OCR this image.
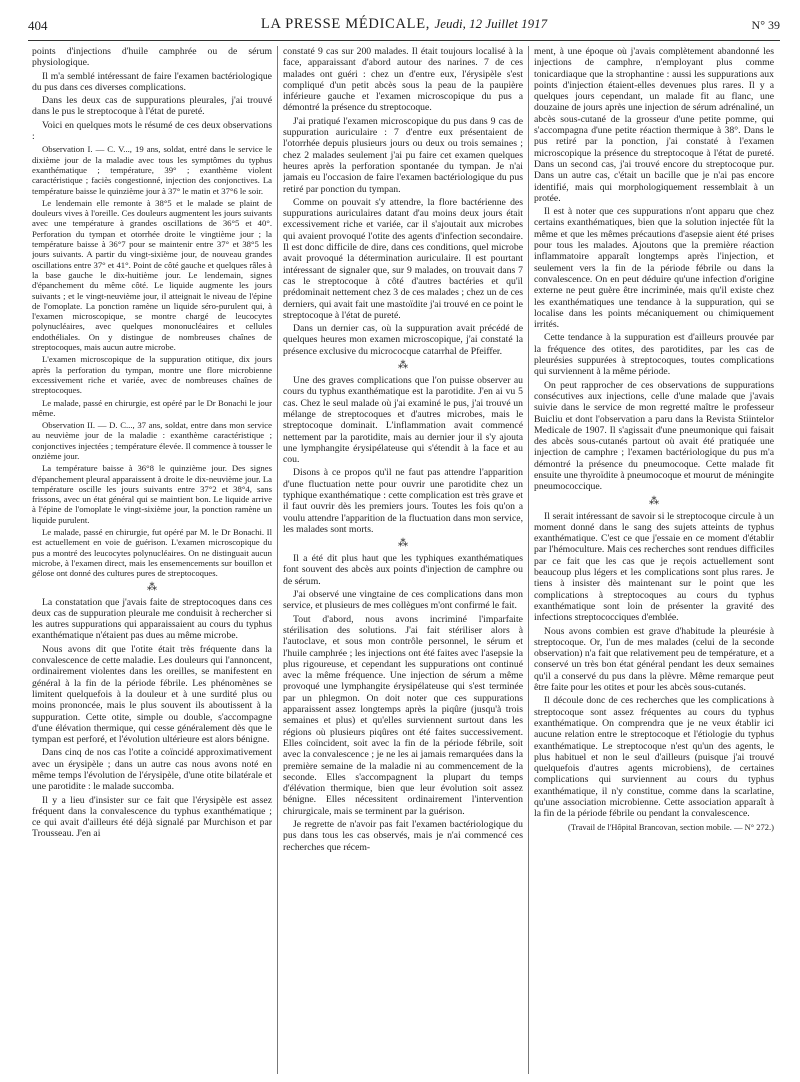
404	LA PRESSE MÉDICALE, Jeudi, 12 Juillet 1917	N° 39

points d'injections d'huile camphrée ou de sérum physiologique.

Il m'a semblé intéressant de faire l'examen bactériologique du pus dans ces diverses complications.

Dans les deux cas de suppurations pleurales, j'ai trouvé dans le pus le streptocoque à l'état de pureté.

Voici en quelques mots le résumé de ces deux observations :

Observation I. — C. V..., 19 ans, soldat, entré dans le service le dixième jour de la maladie avec tous les symptômes du typhus exanthématique ; température, 39° ; exanthème violent caractéristique ; faciès congestionné, injection des conjonctives. La température baisse le quinzième jour à 37° le matin et 37°6 le soir.

Le lendemain elle remonte à 38°5 et le malade se plaint de douleurs vives à l'oreille. Ces douleurs augmentent les jours suivants avec une température à grandes oscillations de 36°5 et 40°. Perforation du tympan et otorrhée droite le vingtième jour ; la température baisse à 36°7 pour se maintenir entre 37° et 38°5 les jours suivants. A partir du vingt-sixième jour, de nouveau grandes oscillations entre 37° et 41°. Point de côté gauche et quelques râles à la base gauche le dix-huitième jour. Le lendemain, signes d'épanchement du même côté. Le liquide augmente les jours suivants ; et le vingt-neuvième jour, il atteignait le niveau de l'épine de l'omoplate. La ponction ramène un liquide séro-purulent qui, à l'examen microscopique, se montre chargé de leucocytes polynucléaires, avec quelques mononucléaires et cellules endothéliales. On y distingue de nombreuses chaînes de streptocoques, mais aucun autre microbe.

L'examen microscopique de la suppuration otitique, dix jours après la perforation du tympan, montre une flore microbienne excessivement riche et variée, avec de nombreuses chaînes de streptocoques.

Le malade, passé en chirurgie, est opéré par le Dr Bonachi le jour même.

Observation II. — D. C..., 37 ans, soldat, entre dans mon service au neuvième jour de la maladie : exanthème caractéristique ; conjonctives injectées ; température élevée. Il commence à tousser le onzième jour.

La température baisse à 36°8 le quinzième jour. Des signes d'épanchement pleural apparaissent à droite le dix-neuvième jour. La température oscille les jours suivants entre 37°2 et 38°4, sans frissons, avec un état général qui se maintient bon. Le liquide arrive à l'épine de l'omoplate le vingt-sixième jour, la ponction ramène un liquide purulent.

Le malade, passé en chirurgie, fut opéré par M. le Dr Bonachi. Il est actuellement en voie de guérison. L'examen microscopique du pus a montré des leucocytes polynucléaires. On ne distinguait aucun microbe, à l'examen direct, mais les ensemencements sur bouillon et gélose ont donné des cultures pures de streptocoques.

⁂

La constatation que j'avais faite de streptocoques dans ces deux cas de suppuration pleurale me conduisit à rechercher si les autres suppurations qui apparaissaient au cours du typhus exanthématique n'étaient pas dues au même microbe.

Nous avons dit que l'otite était très fréquente dans la convalescence de cette maladie. Les douleurs qui l'annoncent, ordinairement violentes dans les oreilles, se manifestent en général à la fin de la période fébrile. Les phénomènes se limitent quelquefois à la douleur et à une surdité plus ou moins prononcée, mais le plus souvent ils aboutissent à la suppuration. Cette otite, simple ou double, s'accompagne d'une élévation thermique, qui cesse généralement dès que le tympan est perforé, et l'évolution ultérieure est alors bénigne.

Dans cinq de nos cas l'otite a coïncidé approximativement avec un érysipèle ; dans un autre cas nous avons noté en même temps l'évolution de l'érysipèle, d'une otite bilatérale et une parotidite : le malade succomba.

Il y a lieu d'insister sur ce fait que l'érysipèle est assez fréquent dans la convalescence du typhus exanthématique ; ce qui avait d'ailleurs été déjà signalé par Murchison et par Trousseau. J'en ai

constaté 9 cas sur 200 malades. Il était toujours localisé à la face, apparaissant d'abord autour des narines. 7 de ces malades ont guéri : chez un d'entre eux, l'érysipèle s'est compliqué d'un petit abcès sous la peau de la paupière inférieure gauche et l'examen microscopique du pus a démontré la présence du streptocoque.

J'ai pratiqué l'examen microscopique du pus dans 9 cas de suppuration auriculaire : 7 d'entre eux présentaient de l'otorrhée depuis plusieurs jours ou deux ou trois semaines ; chez 2 malades seulement j'ai pu faire cet examen quelques heures après la perforation spontanée du tympan. Je n'ai jamais eu l'occasion de faire l'examen bactériologique du pus retiré par ponction du tympan.

Comme on pouvait s'y attendre, la flore bactérienne des suppurations auriculaires datant d'au moins deux jours était excessivement riche et variée, car il s'ajoutait aux microbes qui avaient provoqué l'otite des agents d'infection secondaire. Il est donc difficile de dire, dans ces conditions, quel microbe avait provoqué la détermination auriculaire. Il est pourtant intéressant de signaler que, sur 9 malades, on trouvait dans 7 cas le streptocoque à côté d'autres bactéries et qu'il prédominait nettement chez 3 de ces malades ; chez un de ces derniers, qui avait fait une mastoïdite j'ai trouvé en ce point le streptocoque à l'état de pureté.

Dans un dernier cas, où la suppuration avait précédé de quelques heures mon examen microscopique, j'ai constaté la présence exclusive du micrococque catarrhal de Pfeiffer.

⁂

Une des graves complications que l'on puisse observer au cours du typhus exanthématique est la parotidite. J'en ai vu 5 cas. Chez le seul malade où j'ai examiné le pus, j'ai trouvé un mélange de streptocoques et d'autres microbes, mais le streptocoque dominait. L'inflammation avait commencé nettement par la parotidite, mais au dernier jour il s'y ajouta une lymphangite érysipélateuse qui s'étendit à la face et au cou.

Disons à ce propos qu'il ne faut pas attendre l'apparition d'une fluctuation nette pour ouvrir une parotidite chez un typhique exanthématique : cette complication est très grave et il faut ouvrir dès les premiers jours. Toutes les fois qu'on a voulu attendre l'apparition de la fluctuation dans mon service, les malades sont morts.

⁂

Il a été dit plus haut que les typhiques exanthématiques font souvent des abcès aux points d'injection de camphre ou de sérum.

J'ai observé une vingtaine de ces complications dans mon service, et plusieurs de mes collègues m'ont confirmé le fait.

Tout d'abord, nous avons incriminé l'imparfaite stérilisation des solutions. J'ai fait stériliser alors à l'autoclave, et sous mon contrôle personnel, le sérum et l'huile camphrée ; les injections ont été faites avec l'asepsie la plus rigoureuse, et cependant les suppurations ont continué avec la même fréquence. Une injection de sérum a même provoqué une lymphangite érysipélateuse qui s'est terminée par un phlegmon. On doit noter que ces suppurations apparaissent assez longtemps après la piqûre (jusqu'à trois semaines et plus) et qu'elles surviennent surtout dans les régions où plusieurs piqûres ont été faites successivement. Elles coïncident, soit avec la fin de la période fébrile, soit avec la convalescence ; je ne les ai jamais remarquées dans la première semaine de la maladie ni au commencement de la seconde. Elles s'accompagnent la plupart du temps d'élévation thermique, bien que leur évolution soit assez bénigne. Elles nécessitent ordinairement l'intervention chirurgicale, mais se terminent par la guérison.

Je regrette de n'avoir pas fait l'examen bactériologique du pus dans tous les cas observés, mais je n'ai commencé ces recherches que récem-

ment, à une époque où j'avais complètement abandonné les injections de camphre, n'employant plus comme tonicardiaque que la strophantine : aussi les suppurations aux points d'injection étaient-elles devenues plus rares. Il y a quelques jours cependant, un malade fit au flanc, une douzaine de jours après une injection de sérum adrénaliné, un abcès sous-cutané de la grosseur d'une petite pomme, qui s'accompagna d'une petite réaction thermique à 38°. Dans le pus retiré par la ponction, j'ai constaté à l'examen microscopique la présence du streptocoque à l'état de pureté. Dans un second cas, j'ai trouvé encore du streptocoque pur. Dans un autre cas, c'était un bacille que je n'ai pas encore identifié, mais qui morphologiquement ressemblait à un protée.

Il est à noter que ces suppurations n'ont apparu que chez certains exanthématiques, bien que la solution injectée fût la même et que les mêmes précautions d'asepsie aient été prises pour tous les malades. Ajoutons que la première réaction inflammatoire apparaît longtemps après l'injection, et seulement vers la fin de la période fébrile ou dans la convalescence. On en peut déduire qu'une infection d'origine externe ne peut guère être incriminée, mais qu'il existe chez les exanthématiques une tendance à la suppuration, qui se localise dans les points mécaniquement ou chimiquement irrités.

Cette tendance à la suppuration est d'ailleurs prouvée par la fréquence des otites, des parotidites, par les cas de pleurésies suppurées à streptocoques, toutes complications qui surviennent à la même période.

On peut rapprocher de ces observations de suppurations consécutives aux injections, celle d'une malade que j'avais suivie dans le service de mon regretté maître le professeur Buicliu et dont l'observation a paru dans la Revista Stiintelor Medicale de 1907. Il s'agissait d'une pneumonique qui faisait des abcès sous-cutanés partout où avait été pratiquée une injection de camphre ; l'examen bactériologique du pus m'a démontré la présence du pneumocoque. Cette malade fit ensuite une thyroïdite à pneumocoque et mourut de méningite pneumococcique.

⁂

Il serait intéressant de savoir si le streptocoque circule à un moment donné dans le sang des sujets atteints de typhus exanthématique. C'est ce que j'essaie en ce moment d'établir par l'hémoculture. Mais ces recherches sont rendues difficiles par ce fait que les cas que je reçois actuellement sont beaucoup plus légers et les complications sont plus rares. Je tiens à insister dès maintenant sur le point que les complications à streptocoques au cours du typhus exanthématique sont loin de présenter la gravité des infections streptococciques d'emblée.

Nous avons combien est grave d'habitude la pleurésie à streptocoque. Or, l'un de mes malades (celui de la seconde observation) n'a fait que relativement peu de température, et a conservé un très bon état général pendant les deux semaines qu'il a conservé du pus dans la plèvre. Même remarque peut être faite pour les otites et pour les abcès sous-cutanés.

Il découle donc de ces recherches que les complications à streptocoque sont assez fréquentes au cours du typhus exanthématique. On comprendra que je ne veux établir ici aucune relation entre le streptocoque et l'étiologie du typhus exanthématique. Le streptocoque n'est qu'un des agents, le plus habituel et non le seul d'ailleurs (puisque j'ai trouvé quelquefois d'autres agents microbiens), de certaines complications qui surviennent au cours du typhus exanthématique, il n'y constitue, comme dans la scarlatine, qu'une association microbienne. Cette association apparaît à la fin de la période fébrile ou pendant la convalescence.

(Travail de l'Hôpital Brancovan, section mobile. — N° 272.)
